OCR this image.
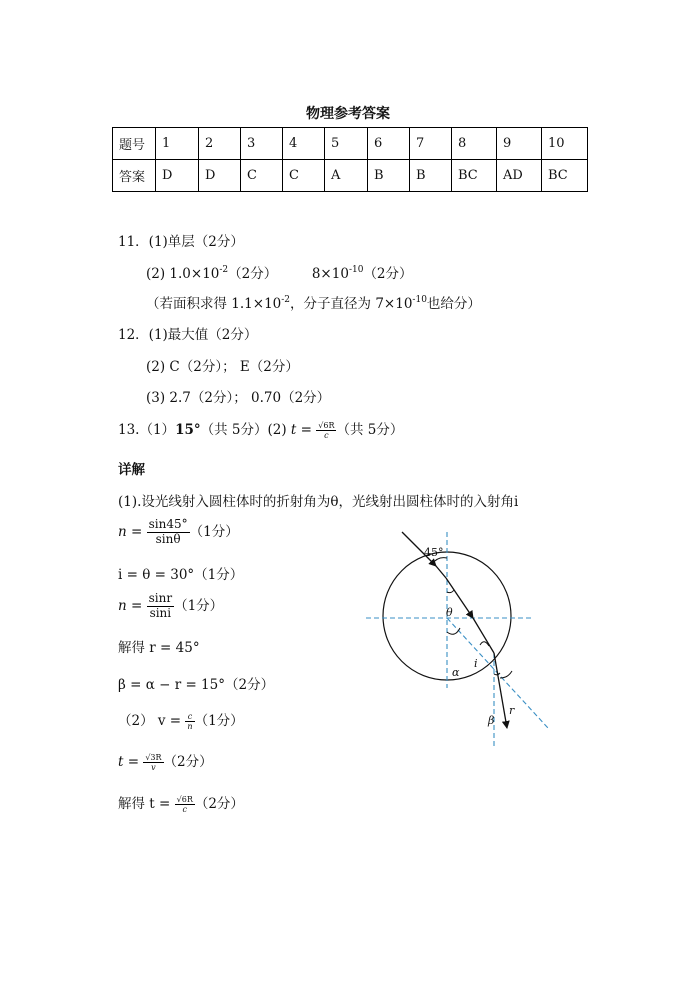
物理参考答案
题号	1	2	3	4	5	6	7	8	9	10
答案	D	D	C	C	A	B	B	BC	AD	BC
11．(1)单层（2分）
(2) $1.0\times 10^{-2}(2$分）	$8\times 10^{-10}(2$分）
（若面积求得 $1.1\times 10^{-2}$，分子直径为 $7\times 10^{-10}$也给分）
12．(1)最大值（2分）
(2) C（2分）； E（2分）
(3) 2.7（2分）； 0.70（2分）
13.（1）15°（共 5分）(2) $t = \frac{√6R}{c}$ （共 5分）
详解
(1).设光线射入圆柱体时的折射角为θ，光线射出圆柱体时的入射角i
$n = \frac{\sin 45^\circ}{\sin\theta} (1$分）
i = θ = 30°（1分）
$n = \frac{\sin r}{\sin i} (1$分）
解得 r = 45°
β = α − r = 15°（2分）
（2） $v = \frac{c}{n} (1$分）
$t = \frac{√3R}{v} (2$分）
解得 $t = \frac{√6R}{c} (2$分）
45°
θ
i
α
β
r
